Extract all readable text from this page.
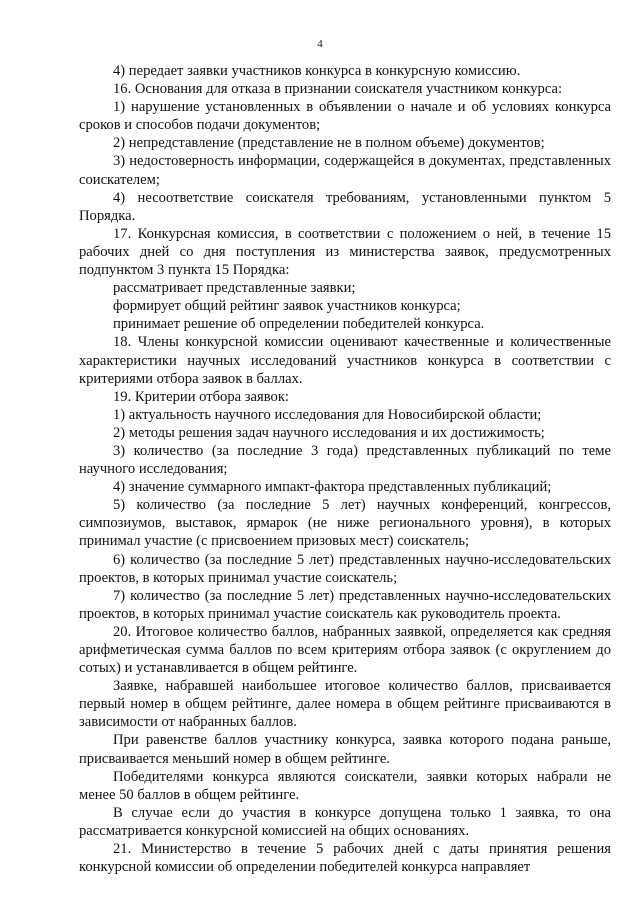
4

4) передает заявки участников конкурса в конкурсную комиссию.

16. Основания для отказа в признании соискателя участником конкурса:

1) нарушение установленных в объявлении о начале и об условиях конкурса сроков и способов подачи документов;

2) непредставление (представление не в полном объеме) документов;

3) недостоверность информации, содержащейся в документах, представленных соискателем;

4) несоответствие соискателя требованиям, установленными пунктом 5 Порядка.

17. Конкурсная комиссия, в соответствии с положением о ней, в течение 15 рабочих дней со дня поступления из министерства заявок, предусмотренных подпунктом 3 пункта 15 Порядка:

рассматривает представленные заявки;

формирует общий рейтинг заявок участников конкурса;

принимает решение об определении победителей конкурса.

18. Члены конкурсной комиссии оценивают качественные и количественные характеристики научных исследований участников конкурса в соответствии с критериями отбора заявок в баллах.

19. Критерии отбора заявок:

1) актуальность научного исследования для Новосибирской области;

2) методы решения задач научного исследования и их достижимость;

3) количество (за последние 3 года) представленных публикаций по теме научного исследования;

4) значение суммарного импакт-фактора представленных публикаций;

5) количество (за последние 5 лет) научных конференций, конгрессов, симпозиумов, выставок, ярмарок (не ниже регионального уровня), в которых принимал участие (с присвоением призовых мест) соискатель;

6) количество (за последние 5 лет) представленных научно-исследовательских проектов, в которых принимал участие соискатель;

7) количество (за последние 5 лет) представленных научно-исследовательских проектов, в которых принимал участие соискатель как руководитель проекта.

20. Итоговое количество баллов, набранных заявкой, определяется как средняя арифметическая сумма баллов по всем критериям отбора заявок (с округлением до сотых) и устанавливается в общем рейтинге.

Заявке, набравшей наибольшее итоговое количество баллов, присваивается первый номер в общем рейтинге, далее номера в общем рейтинге присваиваются в зависимости от набранных баллов.

При равенстве баллов участнику конкурса, заявка которого подана раньше, присваивается меньший номер в общем рейтинге.

Победителями конкурса являются соискатели, заявки которых набрали не менее 50 баллов в общем рейтинге.

В случае если до участия в конкурсе допущена только 1 заявка, то она рассматривается конкурсной комиссией на общих основаниях.

21. Министерство в течение 5 рабочих дней с даты принятия решения конкурсной комиссии об определении победителей конкурса направляет
